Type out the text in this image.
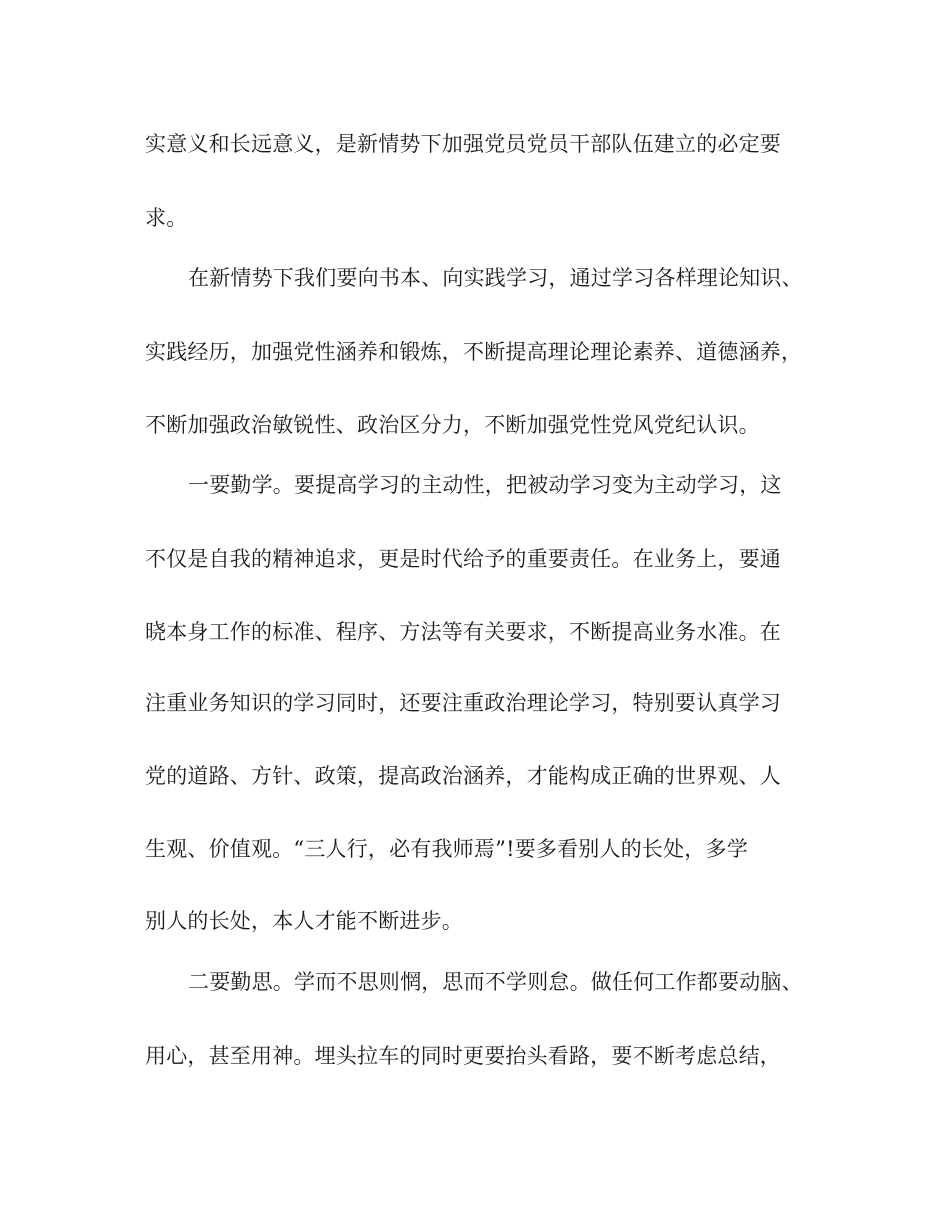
实意义和长远意义，是新情势下加强党员党员干部队伍建立的必定要
求。
在新情势下我们要向书本、向实践学习，通过学习各样理论知识、
实践经历，加强党性涵养和锻炼，不断提高理论理论素养、道德涵养，
不断加强政治敏锐性、政治区分力，不断加强党性党风党纪认识。
一要勤学。要提高学习的主动性，把被动学习变为主动学习，这
不仅是自我的精神追求，更是时代给予的重要责任。在业务上，要通
晓本身工作的标准、程序、方法等有关要求，不断提高业务水准。在
注重业务知识的学习同时，还要注重政治理论学习，特别要认真学习
党的道路、方针、政策，提高政治涵养，才能构成正确的世界观、人
生观、价值观。“三人行，必有我师焉”!要多看别人的长处，多学
别人的长处，本人才能不断进步。
二要勤思。学而不思则惘，思而不学则怠。做任何工作都要动脑、
用心，甚至用神。埋头拉车的同时更要抬头看路，要不断考虑总结，
